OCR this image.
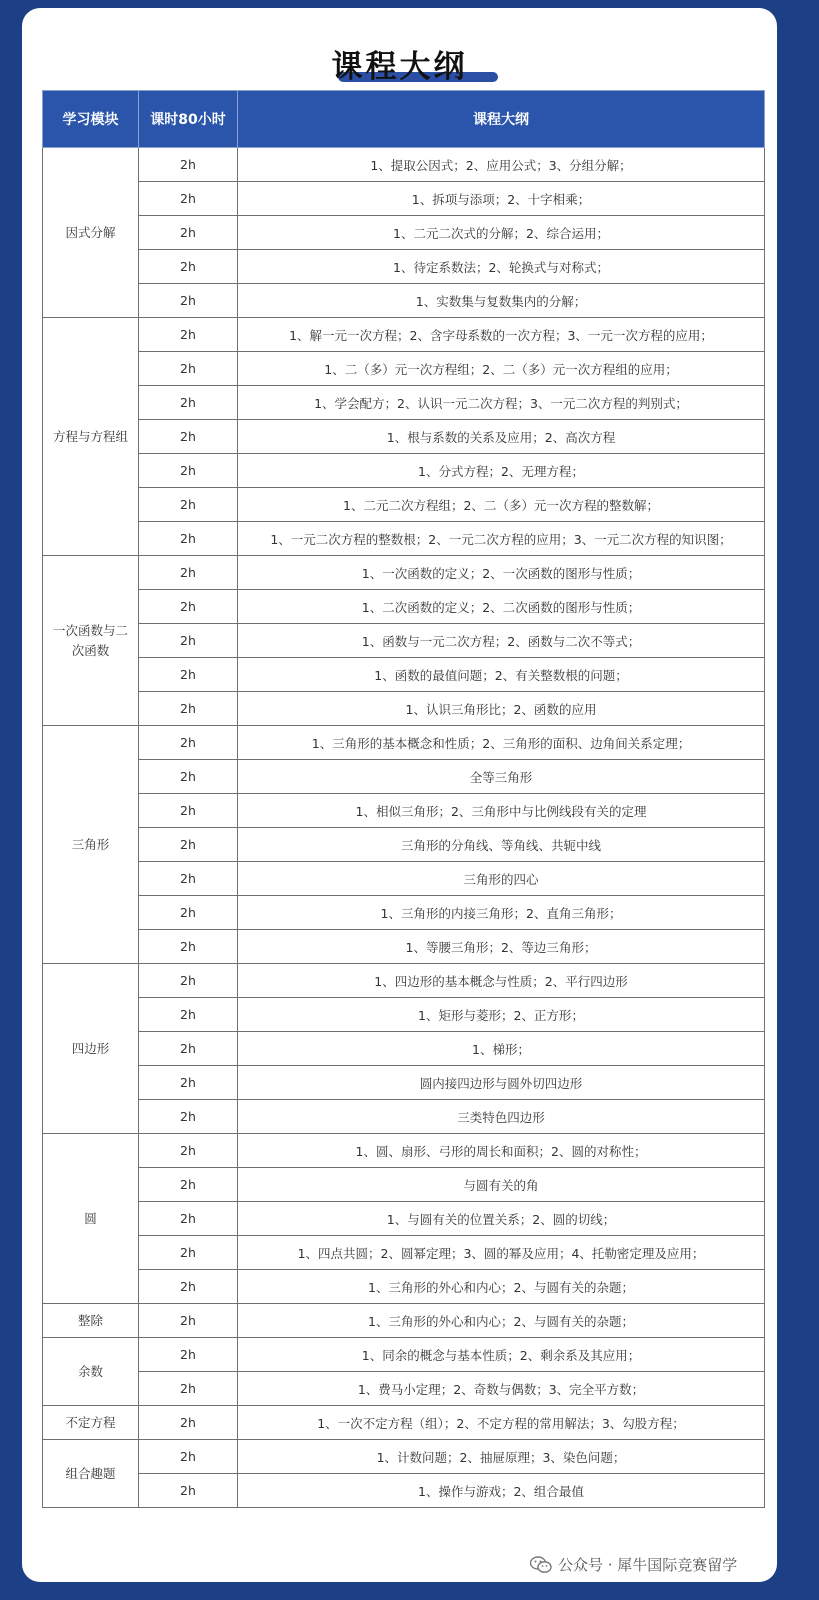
课程大纲
学习模块	课时80小时	课程大纲
因式分解	2h	1、提取公因式；2、应用公式；3、分组分解；
	2h	1、拆项与添项；2、十字相乘；
	2h	1、二元二次式的分解；2、综合运用；
	2h	1、待定系数法；2、轮换式与对称式；
	2h	1、实数集与复数集内的分解；
方程与方程组	2h	1、解一元一次方程；2、含字母系数的一次方程；3、一元一次方程的应用；
	2h	1、二（多）元一次方程组；2、二（多）元一次方程组的应用；
	2h	1、学会配方；2、认识一元二次方程；3、一元二次方程的判别式；
	2h	1、根与系数的关系及应用；2、高次方程
	2h	1、分式方程；2、无理方程；
	2h	1、二元二次方程组；2、二（多）元一次方程的整数解；
	2h	1、一元二次方程的整数根；2、一元二次方程的应用；3、一元二次方程的知识图；
一次函数与二次函数	2h	1、一次函数的定义；2、一次函数的图形与性质；
	2h	1、二次函数的定义；2、二次函数的图形与性质；
	2h	1、函数与一元二次方程；2、函数与二次不等式；
	2h	1、函数的最值问题；2、有关整数根的问题；
	2h	1、认识三角形比；2、函数的应用
三角形	2h	1、三角形的基本概念和性质；2、三角形的面积、边角间关系定理；
	2h	全等三角形
	2h	1、相似三角形；2、三角形中与比例线段有关的定理
	2h	三角形的分角线、等角线、共轭中线
	2h	三角形的四心
	2h	1、三角形的内接三角形；2、直角三角形；
	2h	1、等腰三角形；2、等边三角形；
四边形	2h	1、四边形的基本概念与性质；2、平行四边形
	2h	1、矩形与菱形；2、正方形；
	2h	1、梯形；
	2h	圆内接四边形与圆外切四边形
	2h	三类特色四边形
圆	2h	1、圆、扇形、弓形的周长和面积；2、圆的对称性；
	2h	与圆有关的角
	2h	1、与圆有关的位置关系；2、圆的切线；
	2h	1、四点共圆；2、圆幂定理；3、圆的幂及应用；4、托勒密定理及应用；
	2h	1、三角形的外心和内心；2、与圆有关的杂题；
整除	2h	1、三角形的外心和内心；2、与圆有关的杂题；
余数	2h	1、同余的概念与基本性质；2、剩余系及其应用；
	2h	1、费马小定理；2、奇数与偶数；3、完全平方数；
不定方程	2h	1、一次不定方程（组）；2、不定方程的常用解法；3、勾股方程；
组合趣题	2h	1、计数问题；2、抽屉原理；3、染色问题；
	2h	1、操作与游戏；2、组合最值
公众号 · 犀牛国际竞赛留学
